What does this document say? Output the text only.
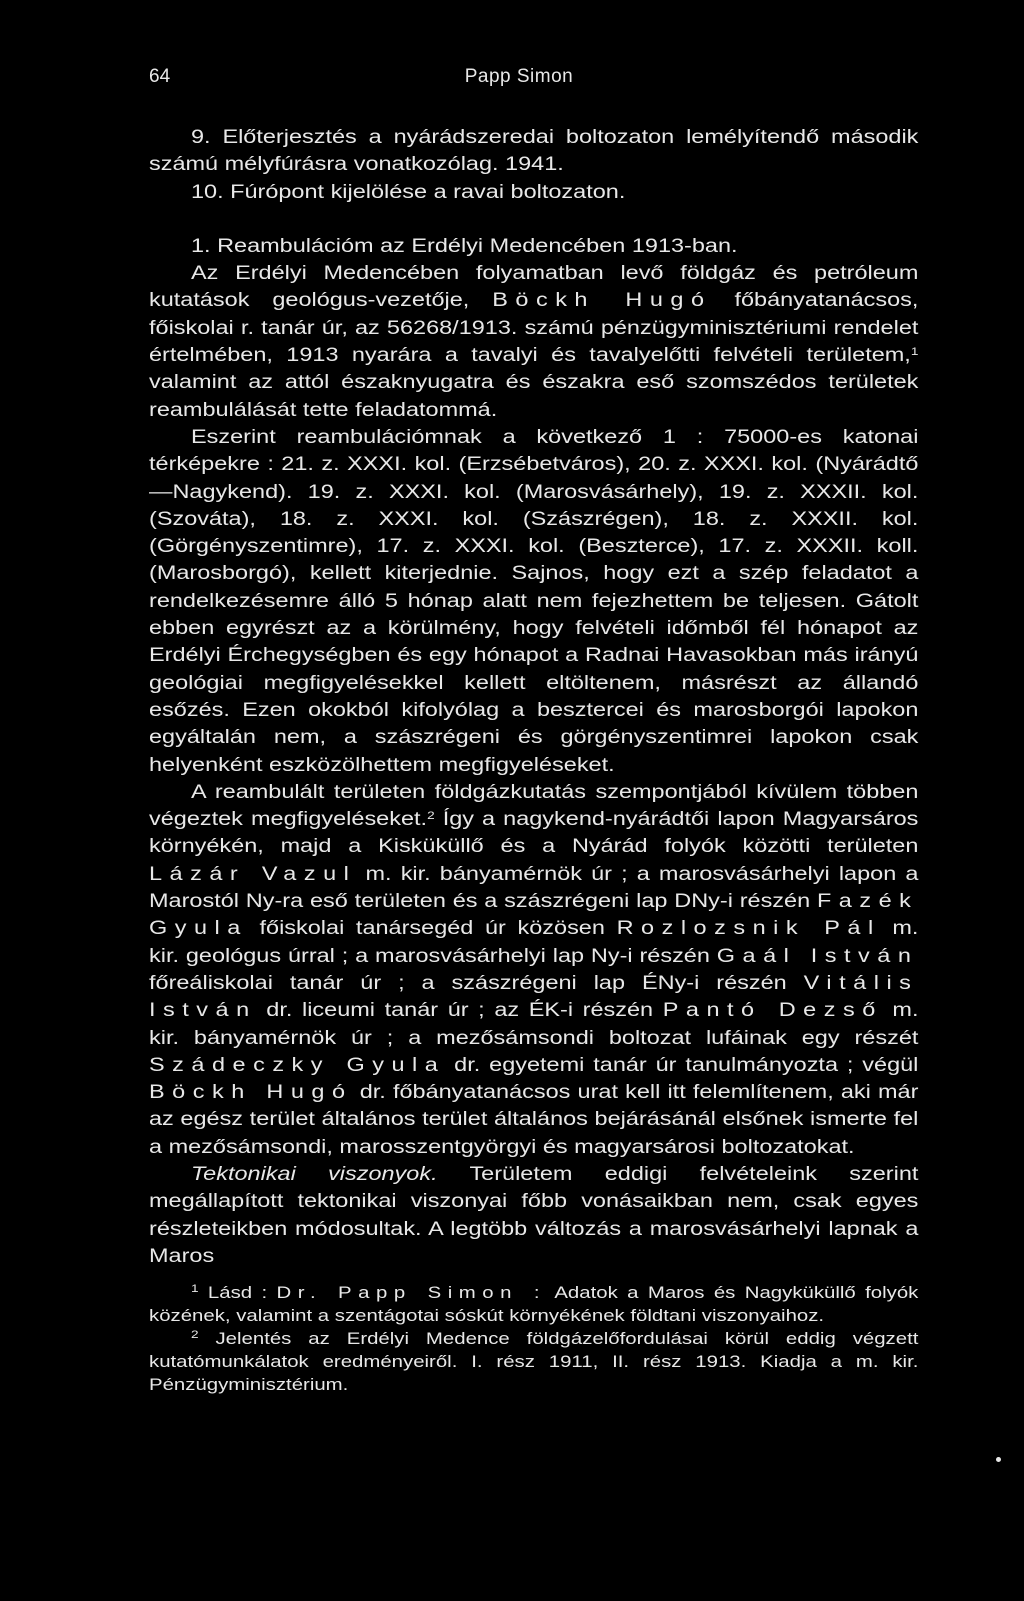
64	Papp Simon

9. Előterjesztés a nyárádszeredai boltozaton lemélyítendő második számú mélyfúrásra vonatkozólag. 1941.

10. Fúrópont kijelölése a ravai boltozaton.

1. Reambulációm az Erdélyi Medencében 1913-ban.

Az Erdélyi Medencében folyamatban levő földgáz és petróleum kutatások geológus-vezetője, Böckh Hugó főbányatanácsos, főiskolai r. tanár úr, az 56268/1913. számú pénzügyminisztériumi rendelet értelmében, 1913 nyarára a tavalyi és tavalyelőtti felvételi területem,$^1$ valamint az attól északnyugatra és északra eső szomszédos területek reambulálását tette feladatommá.

Eszerint reambulációmnak a következő 1 : 75000-es katonai térképekre : 21. z. XXXI. kol. (Erzsébetváros), 20. z. XXXI. kol. (Nyárádtő—Nagykend). 19. z. XXXI. kol. (Marosvásárhely), 19. z. XXXII. kol. (Szováta), 18. z. XXXI. kol. (Szászrégen), 18. z. XXXII. kol. (Görgényszentimre), 17. z. XXXI. kol. (Beszterce), 17. z. XXXII. koll. (Marosborgó), kellett kiterjednie. Sajnos, hogy ezt a szép feladatot a rendelkezésemre álló 5 hónap alatt nem fejezhettem be teljesen. Gátolt ebben egyrészt az a körülmény, hogy felvételi időmből fél hónapot az Erdélyi Érchegységben és egy hónapot a Radnai Havasokban más irányú geológiai megfigyelésekkel kellett eltöltenem, másrészt az állandó esőzés. Ezen okokból kifolyólag a besztercei és marosborgói lapokon egyáltalán nem, a szászrégeni és görgényszentimrei lapokon csak helyenként eszközölhettem megfigyeléseket.

A reambulált területen földgázkutatás szempontjából kívülem többen végeztek megfigyeléseket.$^2$ Így a nagykend-nyárádtői lapon Magyarsáros környékén, majd a Kisküküllő és a Nyárád folyók közötti területen Lázár Vazul m. kir. bányamérnök úr ; a marosvásárhelyi lapon a Marostól Ny-ra eső területen és a szászrégeni lap DNy-i részén Fazék Gyula főiskolai tanársegéd úr közösen Rozlozsnik Pál m. kir. geológus úrral ; a marosvásárhelyi lap Ny-i részén Gaál István főreáliskolai tanár úr ; a szászrégeni lap ÉNy-i részén Vitális István dr. liceumi tanár úr ; az ÉK-i részén Pantó Dezső m. kir. bányamérnök úr ; a mezősámsondi boltozat lufáinak egy részét Szádeczky Gyula dr. egyetemi tanár úr tanulmányozta ; végül Böckh Hugó dr. főbányatanácsos urat kell itt felemlítenem, aki már az egész terület általános terület általános bejárásánál elsőnek ismerte fel a mezősámsondi, marosszentgyörgyi és magyarsárosi boltozatokat.

Tektonikai viszonyok. Területem eddigi felvételeink szerint megállapított tektonikai viszonyai főbb vonásaikban nem, csak egyes részleteikben módosultak. A legtöbb változás a marosvásárhelyi lapnak a Maros

$^1$ Lásd : Dr. Papp Simon : Adatok a Maros és Nagyküküllő folyók közének, valamint a szentágotai sóskút környékének földtani viszonyaihoz.

$^2$ Jelentés az Erdélyi Medence földgázelőfordulásai körül eddig végzett kutatómunkálatok eredményeiről. I. rész 1911, II. rész 1913. Kiadja a m. kir. Pénzügyminisztérium.
